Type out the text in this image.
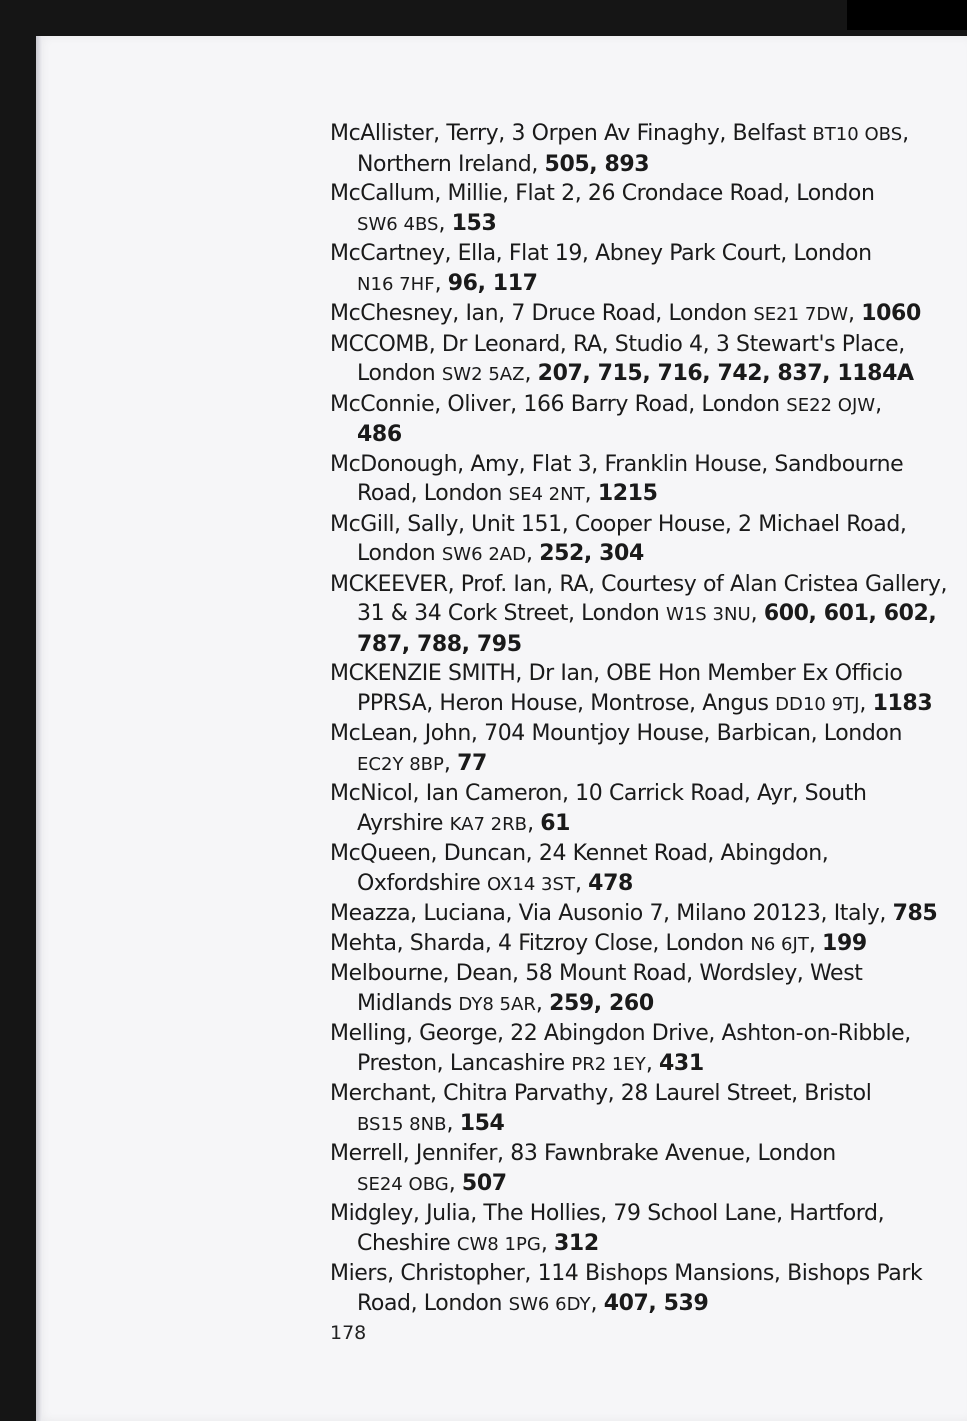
McAllister, Terry, 3 Orpen Av Finaghy, Belfast BT10 OBS,
Northern Ireland, 505, 893
McCallum, Millie, Flat 2, 26 Crondace Road, London
SW6 4BS, 153
McCartney, Ella, Flat 19, Abney Park Court, London
N16 7HF, 96, 117
McChesney, Ian, 7 Druce Road, London SE21 7DW, 1060
MCCOMB, Dr Leonard, RA, Studio 4, 3 Stewart's Place,
London SW2 5AZ, 207, 715, 716, 742, 837, 1184A
McConnie, Oliver, 166 Barry Road, London SE22 OJW,
486
McDonough, Amy, Flat 3, Franklin House, Sandbourne
Road, London SE4 2NT, 1215
McGill, Sally, Unit 151, Cooper House, 2 Michael Road,
London SW6 2AD, 252, 304
MCKEEVER, Prof. Ian, RA, Courtesy of Alan Cristea Gallery,
31 & 34 Cork Street, London W1S 3NU, 600, 601, 602,
787, 788, 795
MCKENZIE SMITH, Dr Ian, OBE Hon Member Ex Officio
PPRSA, Heron House, Montrose, Angus DD10 9TJ, 1183
McLean, John, 704 Mountjoy House, Barbican, London
EC2Y 8BP, 77
McNicol, Ian Cameron, 10 Carrick Road, Ayr, South
Ayrshire KA7 2RB, 61
McQueen, Duncan, 24 Kennet Road, Abingdon,
Oxfordshire OX14 3ST, 478
Meazza, Luciana, Via Ausonio 7, Milano 20123, Italy, 785
Mehta, Sharda, 4 Fitzroy Close, London N6 6JT, 199
Melbourne, Dean, 58 Mount Road, Wordsley, West
Midlands DY8 5AR, 259, 260
Melling, George, 22 Abingdon Drive, Ashton-on-Ribble,
Preston, Lancashire PR2 1EY, 431
Merchant, Chitra Parvathy, 28 Laurel Street, Bristol
BS15 8NB, 154
Merrell, Jennifer, 83 Fawnbrake Avenue, London
SE24 OBG, 507
Midgley, Julia, The Hollies, 79 School Lane, Hartford,
Cheshire CW8 1PG, 312
Miers, Christopher, 114 Bishops Mansions, Bishops Park
Road, London SW6 6DY, 407, 539
178
